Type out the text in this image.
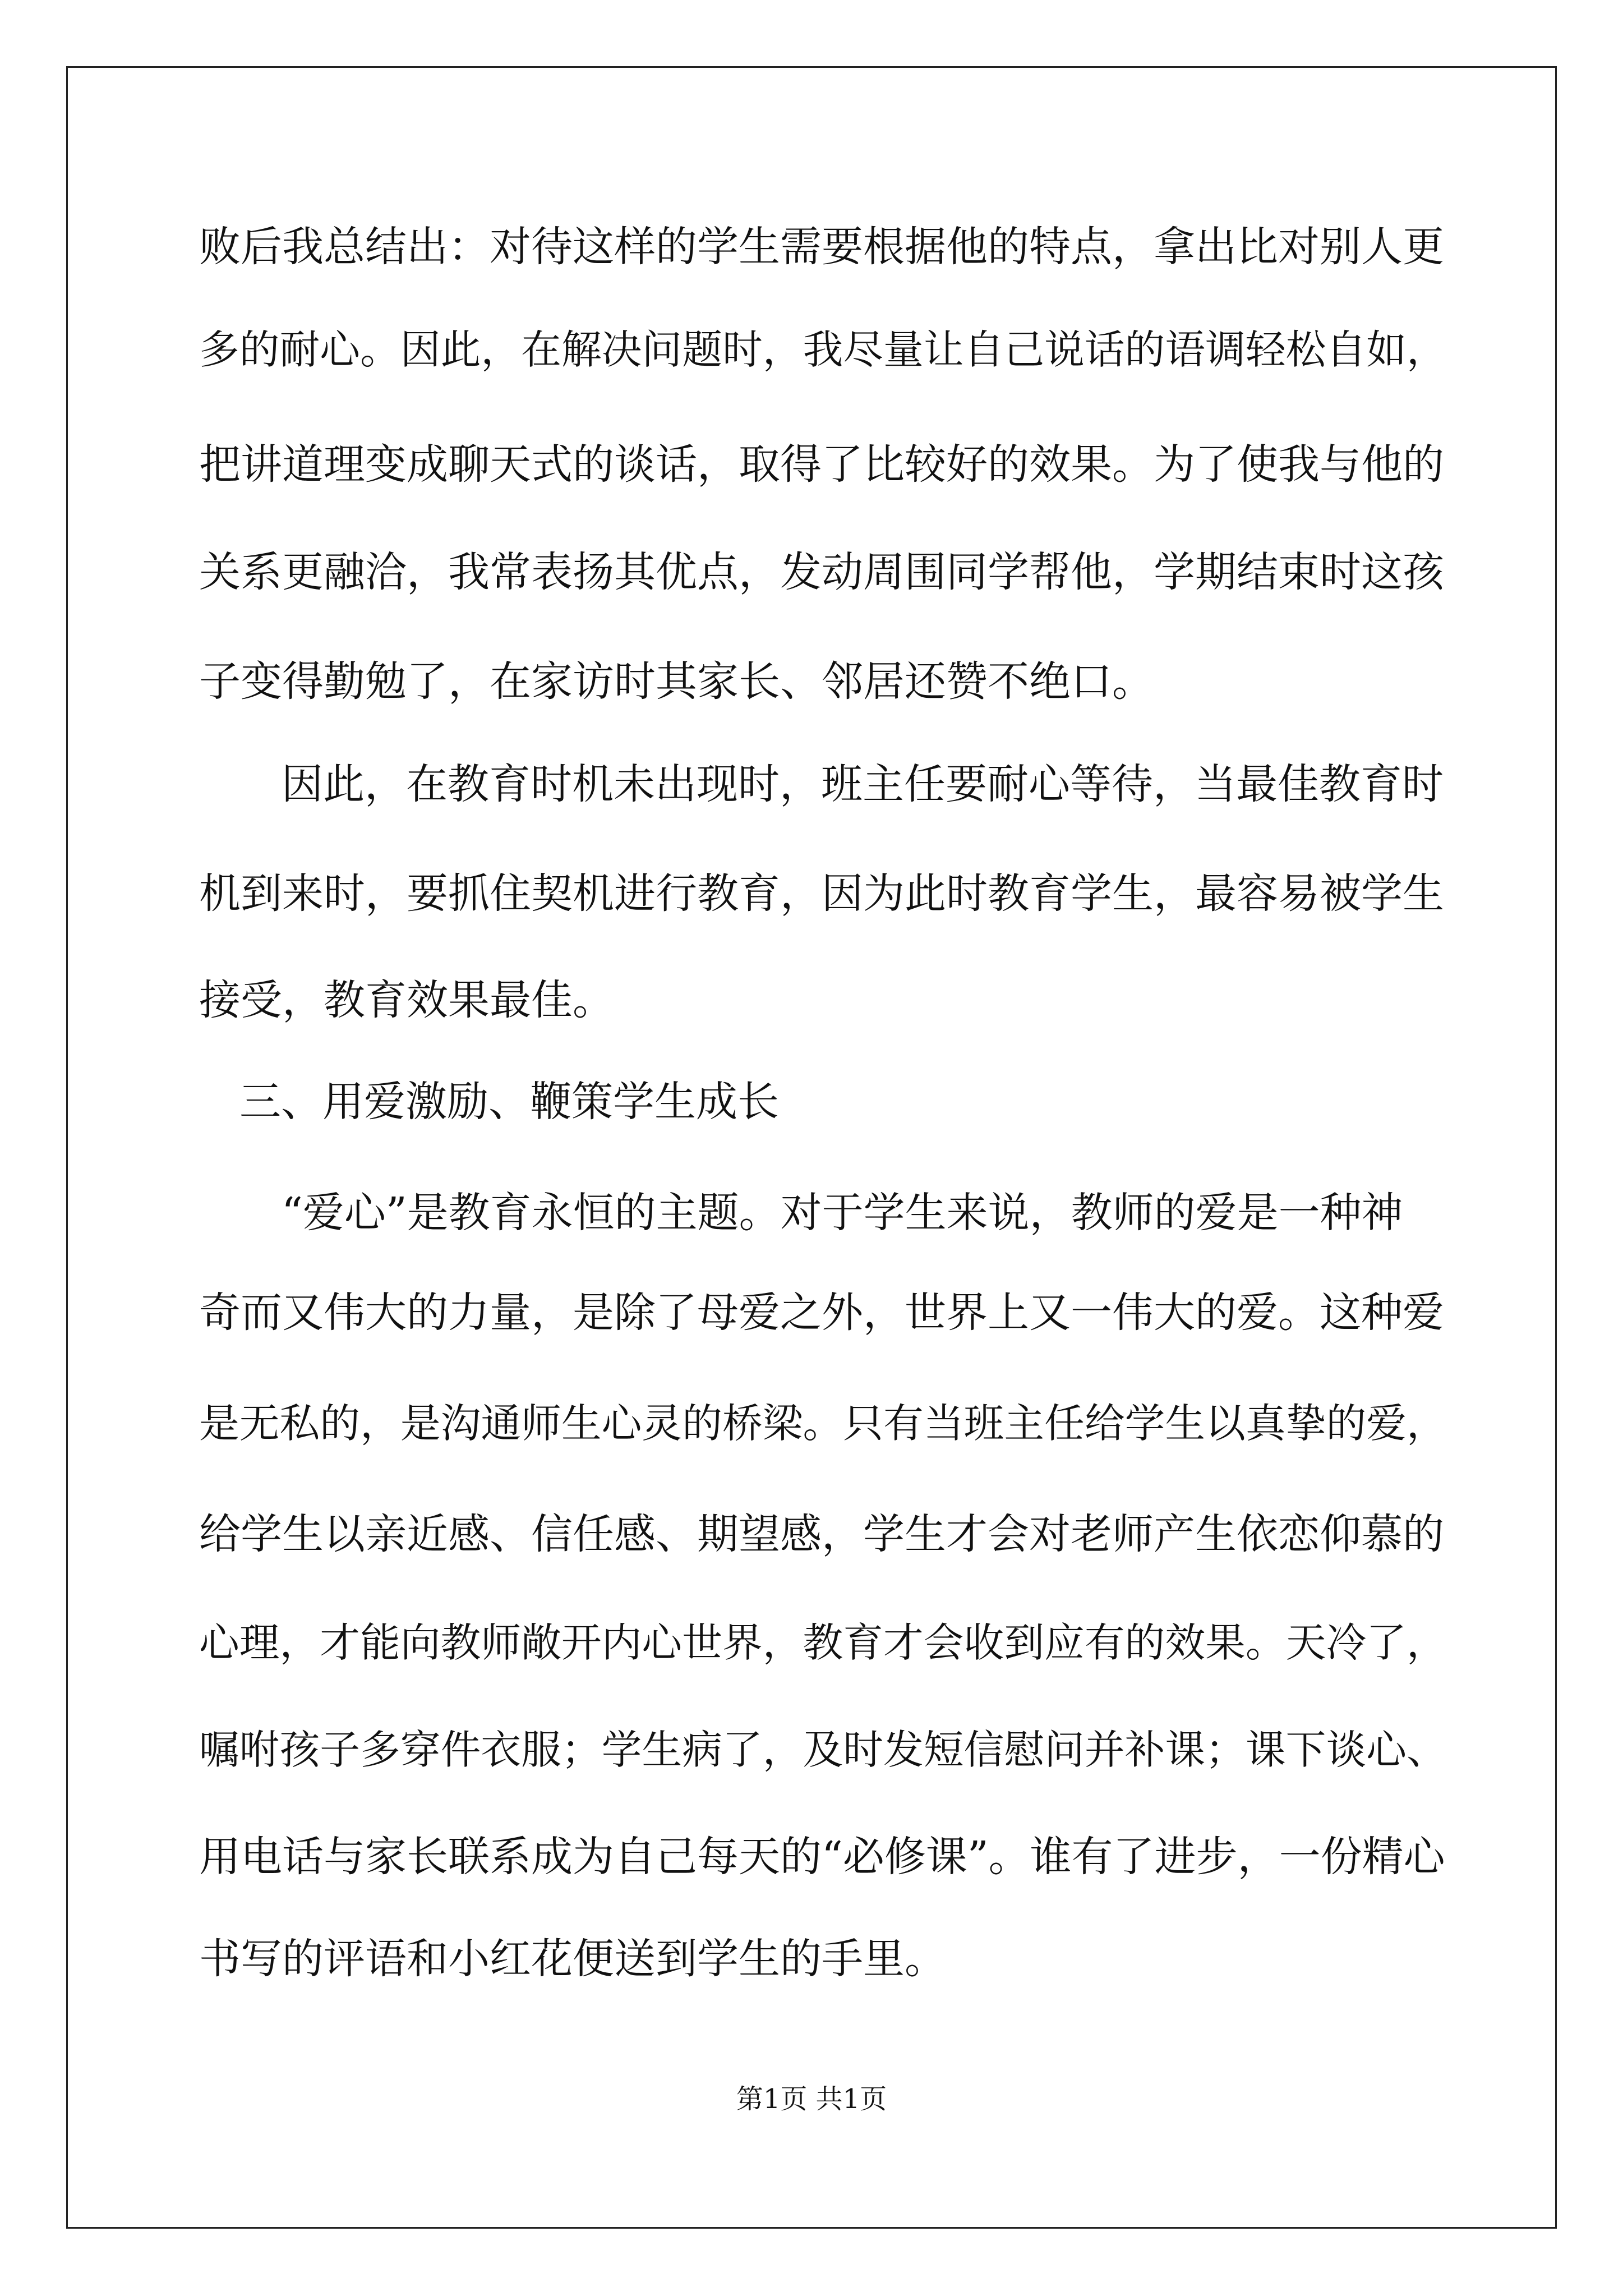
败后我总结出：对待这样的学生需要根据他的特点，拿出比对别人更
多的耐心。因此，在解决问题时，我尽量让自己说话的语调轻松自如，
把讲道理变成聊天式的谈话，取得了比较好的效果。为了使我与他的
关系更融洽，我常表扬其优点，发动周围同学帮他，学期结束时这孩
子变得勤勉了，在家访时其家长、邻居还赞不绝口。
因此，在教育时机未出现时，班主任要耐心等待，当最佳教育时
机到来时，要抓住契机进行教育，因为此时教育学生，最容易被学生
接受，教育效果最佳。
三、用爱激励、鞭策学生成长
“爱心”是教育永恒的主题。对于学生来说，教师的爱是一种神
奇而又伟大的力量，是除了母爱之外，世界上又一伟大的爱。这种爱
是无私的，是沟通师生心灵的桥梁。只有当班主任给学生以真挚的爱，
给学生以亲近感、信任感、期望感，学生才会对老师产生依恋仰慕的
心理，才能向教师敞开内心世界，教育才会收到应有的效果。天冷了，
嘱咐孩子多穿件衣服；学生病了，及时发短信慰问并补课；课下谈心、
用电话与家长联系成为自己每天的“必修课”。谁有了进步，一份精心
书写的评语和小红花便送到学生的手里。
第1页 共1页
